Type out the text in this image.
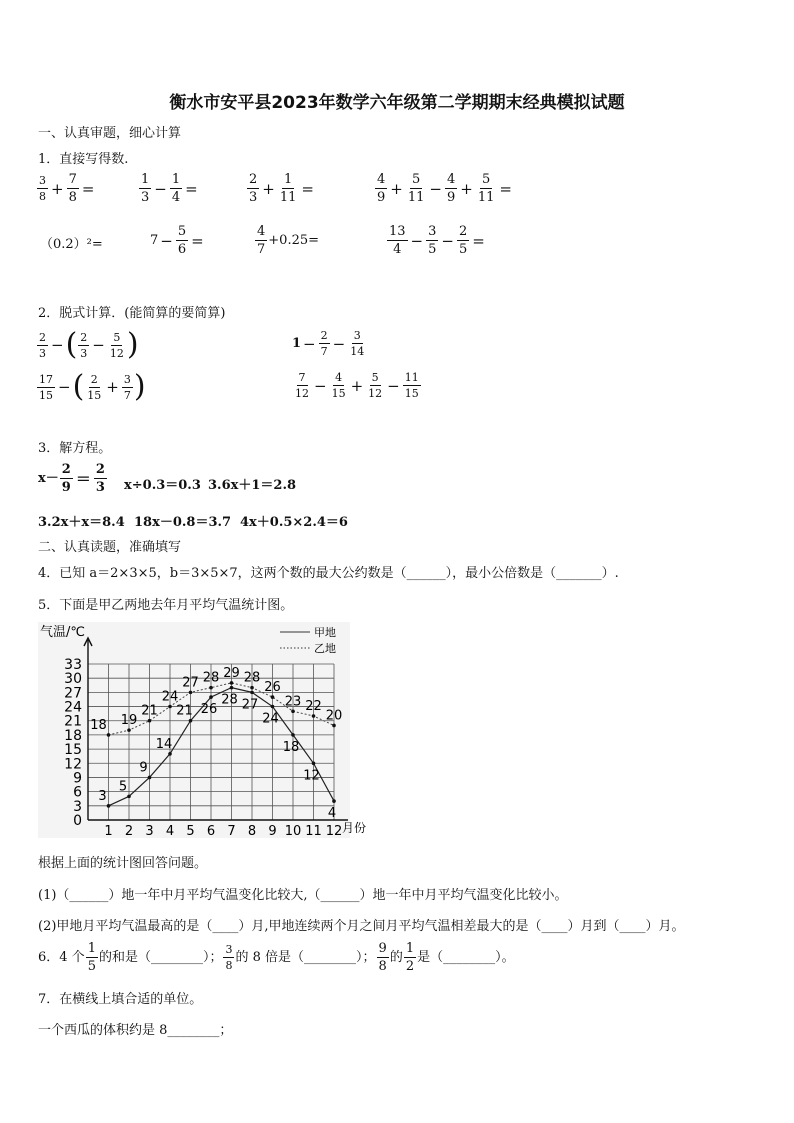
衡水市安平县2023年数学六年级第二学期期末经典模拟试题
一、认真审题，细心计算
1．直接写得数.
$\frac{3}{8} + \frac{7}{8}$ =	$\frac{1}{3} - \frac{1}{4}$ =	$\frac{2}{3} + \frac{1}{11}$ =	$\frac{4}{9} + \frac{5}{11} - \frac{4}{9} + \frac{5}{11}$ =
（0.2）²=	$7 - \frac{5}{6}$ =	$\frac{4}{7} +0.25=$	$\frac{13}{4} - \frac{3}{5} - \frac{2}{5}$ =
2．脱式计算．(能简算的要简算)
$\frac{2}{3}$ −( $\frac{2}{3} - \frac{5}{12}$ )	$1 - \frac{2}{7} - \frac{3}{14}$
$\frac{17}{15}$ −( $\frac{2}{15} + \frac{3}{7}$ )	$\frac{7}{12} - \frac{4}{15} + \frac{5}{12} - \frac{11}{15}$
3．解方程。
$x- \frac{2}{9} = \frac{2}{3} x\div 0.3=0.3$ 3.6x＋1＝2.8
3.2x＋x＝8.4 18x－0.8＝3.7 4x＋0.5×2.4＝6
二、认真读题，准确填写
4．已知 a＝2×3×5，b＝3×5×7，这两个数的最大公约数是（______），最小公倍数是（_______）.
5．下面是甲乙两地去年月平均气温统计图。
0
3
6
9
12
15
18
21
24
27
30
33
1 2 3 4 5 6 7 8 9 10 11 12
气温/℃
月份
甲地
乙地
3
5
9
14
21 26
28 27
24
18
12
4
18 19
21
24
27 28 29 28
26
23 22
20
根据上面的统计图回答问题。
(1)（______）地一年中月平均气温变化比较大,（______）地一年中月平均气温变化比较小。
(2)甲地月平均气温最高的是（____）月,甲地连续两个月之间月平均气温相差最大的是（____）月到（____）月。
6．4 个 $\frac{1}{5}$ 的和是（________）； $\frac{3}{8}$ 的 8 倍是（________）； $\frac{9}{8}$ 的 $\frac{1}{2}$ 是（________）。
7．在横线上填合适的单位。
一个西瓜的体积约是 8________；
